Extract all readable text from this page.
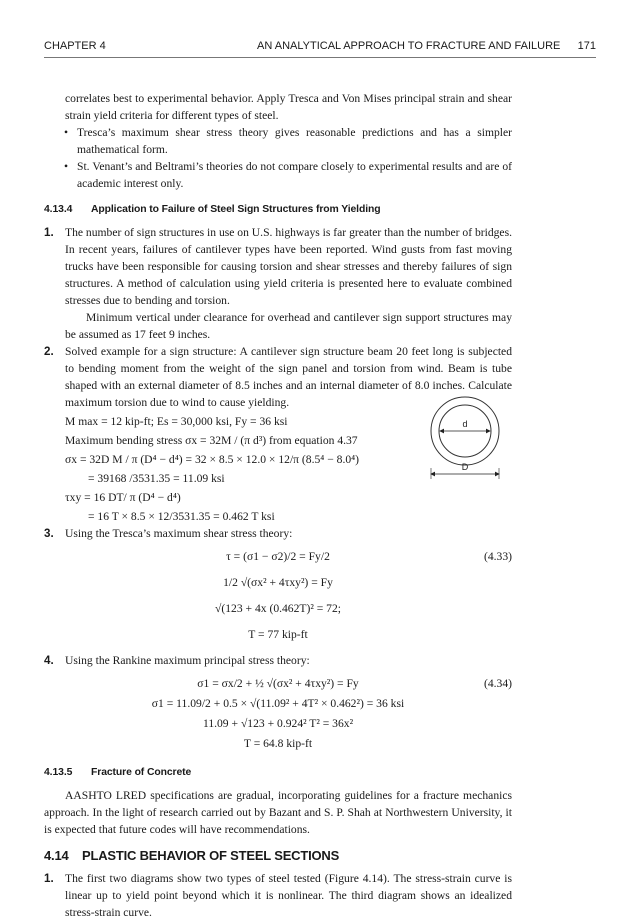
CHAPTER 4	AN ANALYTICAL APPROACH TO FRACTURE AND FAILURE 171

correlates best to experimental behavior. Apply Tresca and Von Mises principal strain and shear strain yield criteria for different types of steel.

• Tresca’s maximum shear stress theory gives reasonable predictions and has a simpler mathematical form.

• St. Venant’s and Beltrami’s theories do not compare closely to experimental results and are of academic interest only.

4.13.4 Application to Failure of Steel Sign Structures from Yielding
1. The number of sign structures in use on U.S. highways is far greater than the number of bridges. In recent years, failures of cantilever types have been reported. Wind gusts from fast moving trucks have been responsible for causing torsion and shear stresses and thereby failures of sign structures. A method of calculation using yield criteria is presented here to evaluate combined stresses due to bending and torsion.

Minimum vertical under clearance for overhead and cantilever sign support structures may be assumed as 17 feet 9 inches.

2. Solved example for a sign structure: A cantilever sign structure beam 20 feet long is subjected to bending moment from the weight of the sign panel and torsion from wind. Beam is tube shaped with an external diameter of 8.5 inches and an internal diameter of 8.0 inches. Calculate maximum torsion due to wind to cause yielding.

M max = 12 kip-ft; Es = 30,000 ksi, Fy = 36 ksi
Maximum bending stress σx = 32M / (π d³) from equation 4.37
σx = 32D M / π (D⁴ − d⁴) = 32 × 8.5 × 12.0 × 12/π (8.5⁴ − 8.0⁴)
= 39168 /3531.35 = 11.09 ksi
τxy = 16 DT/ π (D⁴ − d⁴)
= 16 T × 8.5 × 12/3531.35 = 0.462 T ksi
3. Using the Tresca’s maximum shear stress theory:

τ = (σ1 − σ2)/2 = Fy/2	(4.33)
1/2 √(σx² + 4τxy²) = Fy
√(123 + 4x (0.462T)² = 72;
T = 77 kip-ft
4. Using the Rankine maximum principal stress theory:

σ1 = σx/2 + ½ √(σx² + 4τxy²) = Fy	(4.34)
σ1 = 11.09/2 + 0.5 × √(11.09² + 4T² × 0.462²) = 36 ksi
11.09 + √123 + 0.924² T² = 36x²
T = 64.8 kip-ft
4.13.5 Fracture of Concrete

AASHTO LRED specifications are gradual, incorporating guidelines for a fracture mechanics approach. In the light of research carried out by Bazant and S. P. Shah at Northwestern University, it is expected that future codes will have recommendations.

4.14 PLASTIC BEHAVIOR OF STEEL SECTIONS
1. The first two diagrams show two types of steel tested (Figure 4.14). The stress-strain curve is linear up to yield point beyond which it is nonlinear. The third diagram shows an idealized stress-strain curve.

d
D
